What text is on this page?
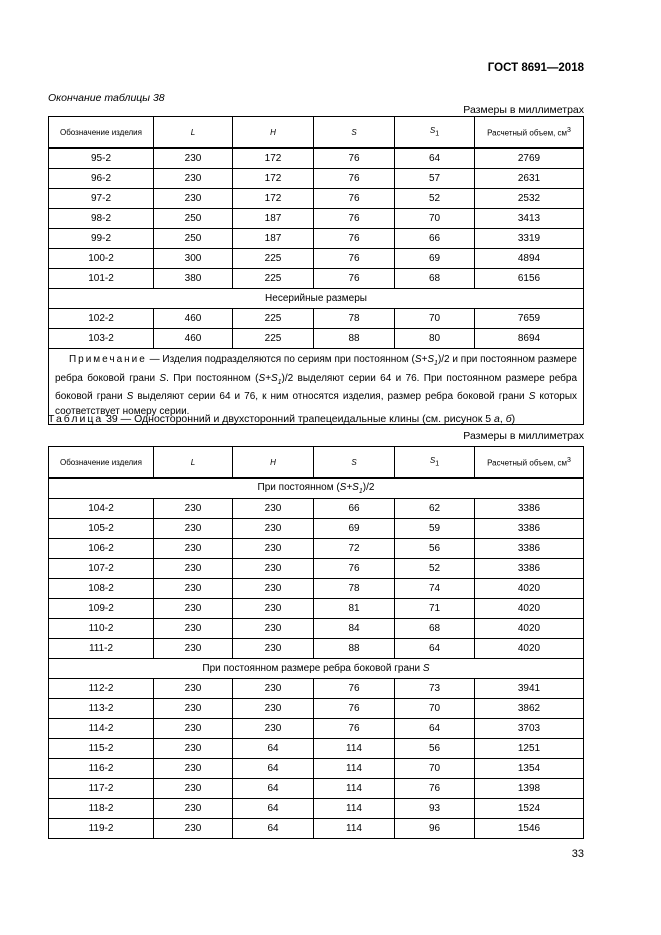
ГОСТ 8691—2018
Окончание таблицы 38
Размеры в миллиметрах
Обозначение изделия	L	H	S	$S_1$	Расчетный объем, $см^3$
95-2	230	172	76	64	2769
96-2	230	172	76	57	2631
97-2	230	172	76	52	2532
98-2	250	187	76	70	3413
99-2	250	187	76	66	3319
100-2	300	225	76	69	4894
101-2	380	225	76	68	6156
Несерийные размеры					
102-2	460	225	78	70	7659
103-2	460	225	88	80	8694
Примечание — Изделия подразделяются по сериям при постоянном $(S+S_1)/2$ и при постоянном размере ребра боковой грани S. При постоянном $(S+S_1)/2$ выделяют серии 64 и 76. При постоянном размере ребра боковой грани S выделяют серии 64 и 76, к ним относятся изделия, размер ребра боковой грани S которых соответствует номеру серии.					
Таблица 39 — Односторонний и двухсторонний трапецеидальные клины (см. рисунок 5 а, б)
Размеры в миллиметрах
Обозначение изделия	L	H	S	$S_1$	Расчетный объем, $см^3$
При постоянном $(S+S_1)/2$					
104-2	230	230	66	62	3386
105-2	230	230	69	59	3386
106-2	230	230	72	56	3386
107-2	230	230	76	52	3386
108-2	230	230	78	74	4020
109-2	230	230	81	71	4020
110-2	230	230	84	68	4020
111-2	230	230	88	64	4020
При постоянном размере ребра боковой грани S					
112-2	230	230	76	73	3941
113-2	230	230	76	70	3862
114-2	230	230	76	64	3703
115-2	230	64	114	56	1251
116-2	230	64	114	70	1354
117-2	230	64	114	76	1398
118-2	230	64	114	93	1524
119-2	230	64	114	96	1546
33
